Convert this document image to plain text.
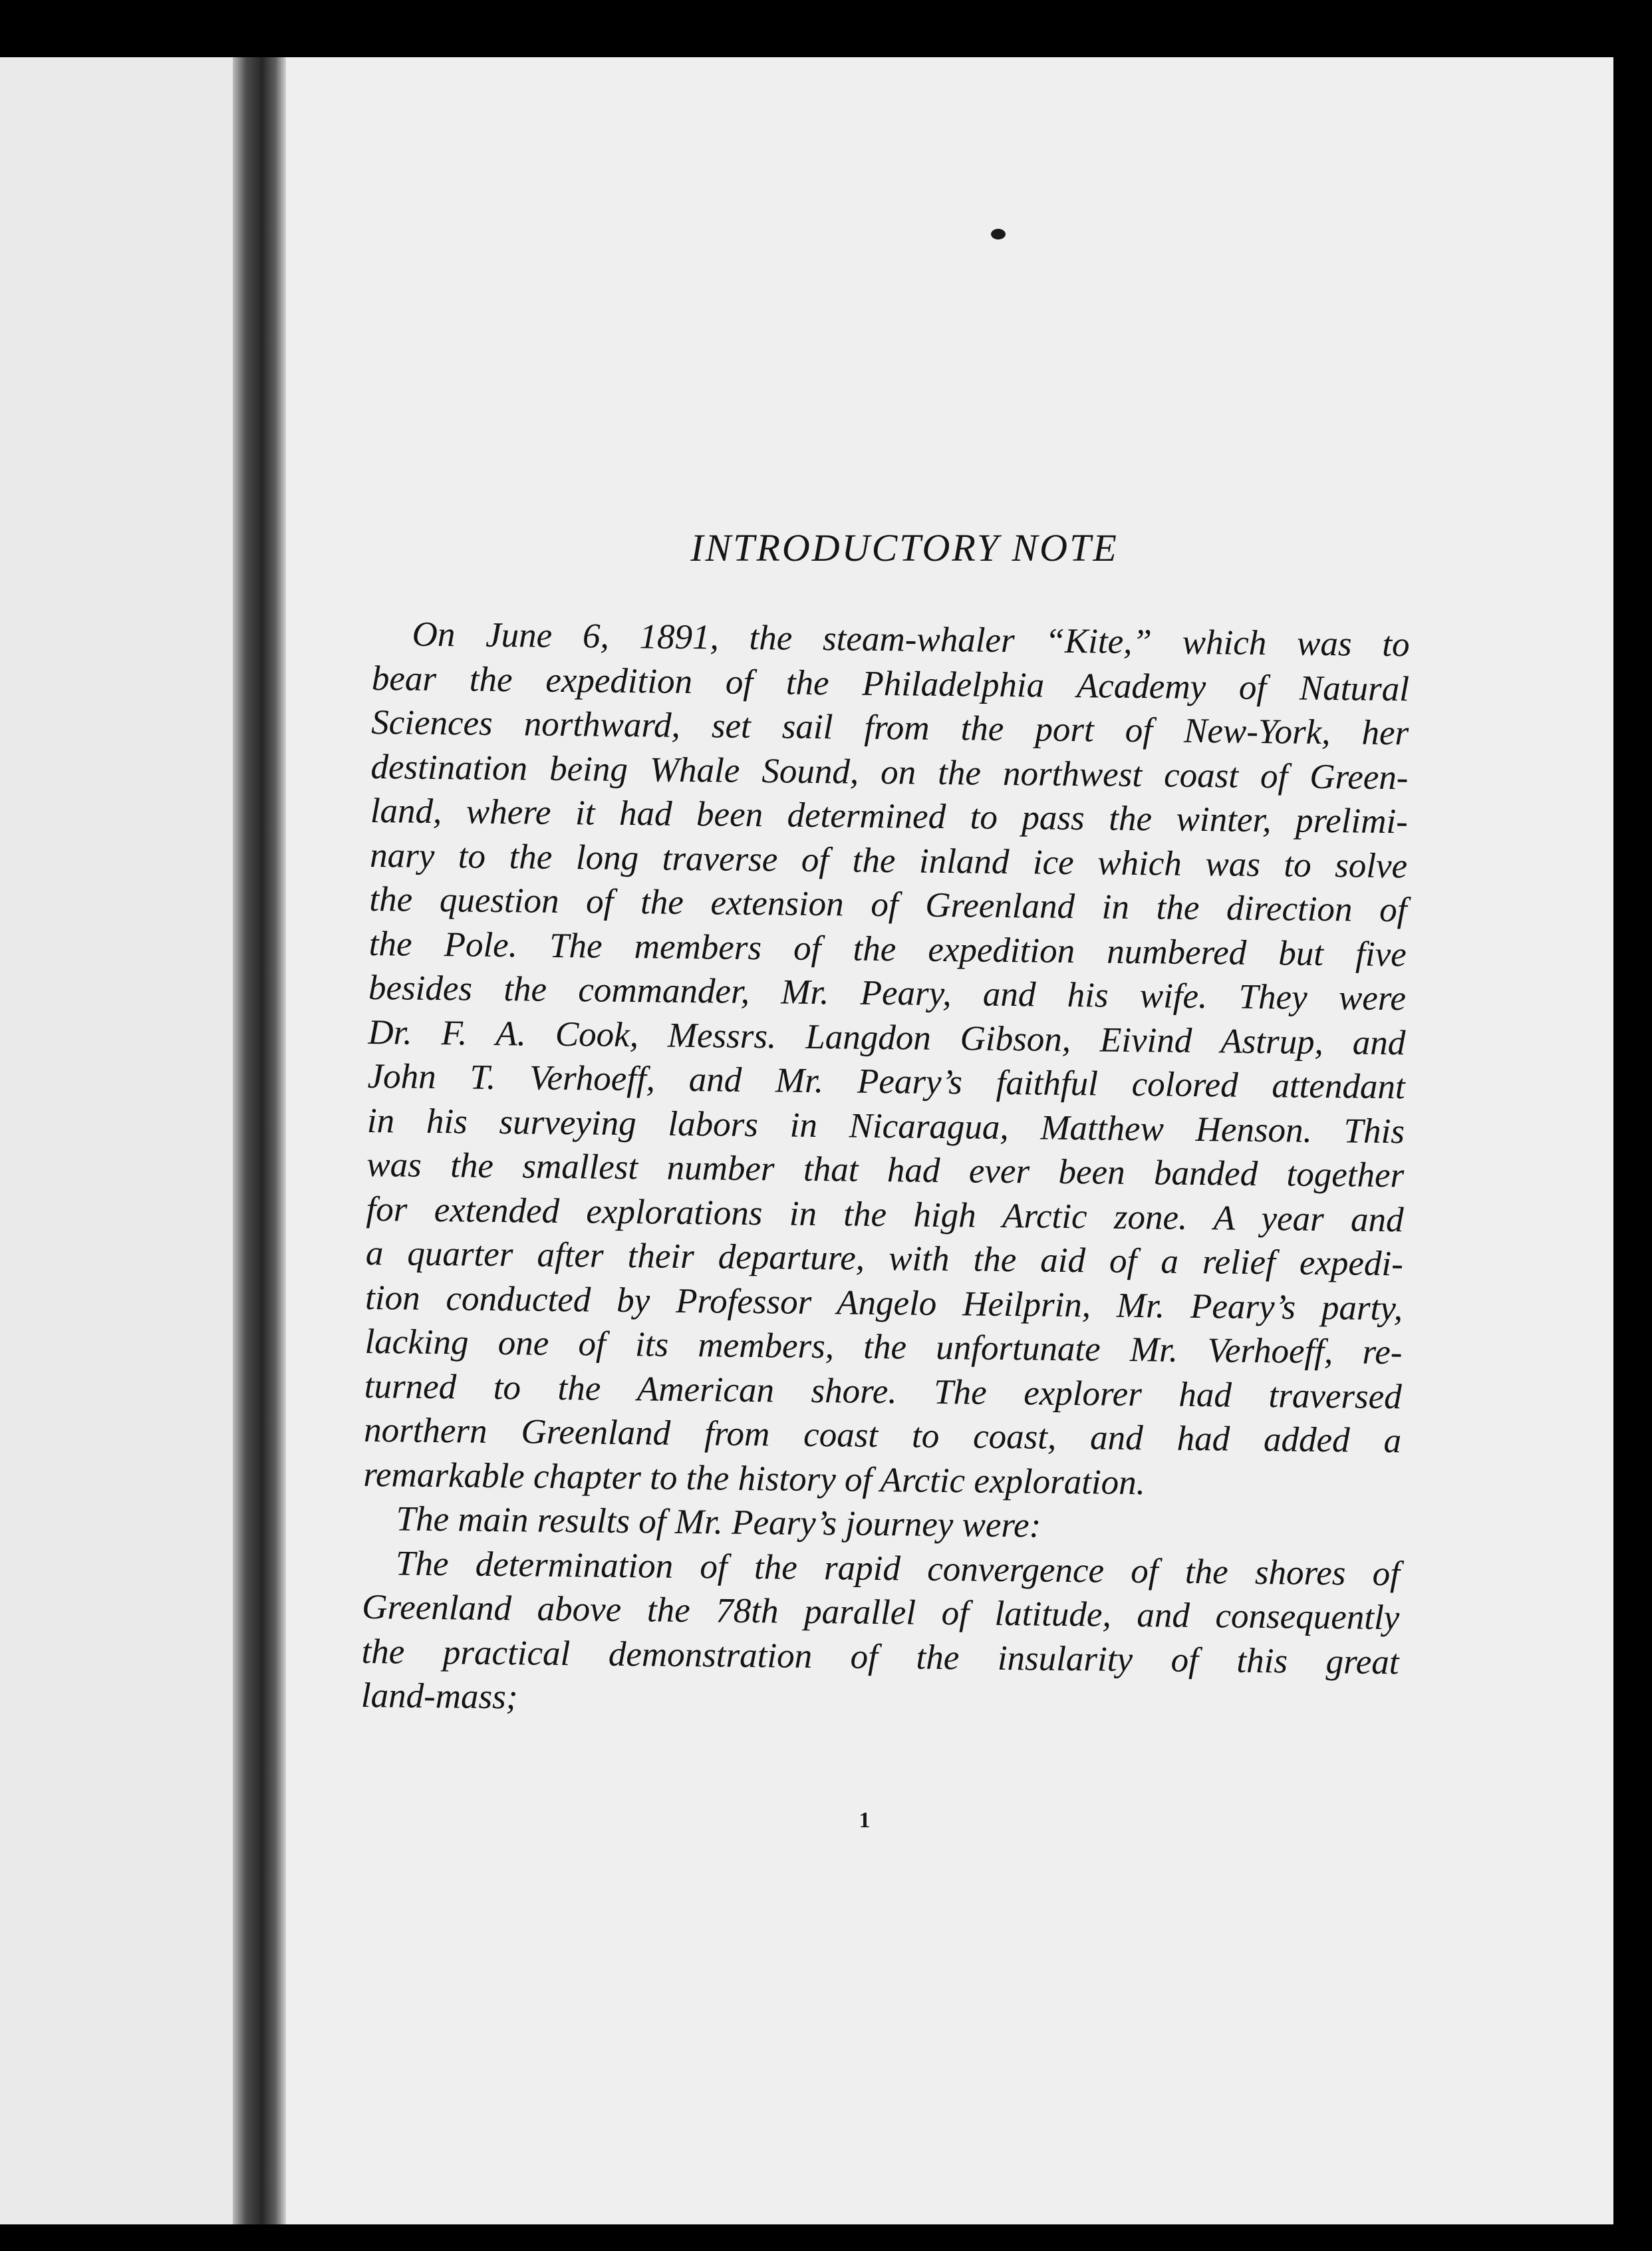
INTRODUCTORY NOTE
On June 6, 1891, the steam-whaler “Kite,” which was to
bear the expedition of the Philadelphia Academy of Natural
Sciences northward, set sail from the port of New-York, her
destination being Whale Sound, on the northwest coast of Green-
land, where it had been determined to pass the winter, prelimi-
nary to the long traverse of the inland ice which was to solve
the question of the extension of Greenland in the direction of
the Pole. The members of the expedition numbered but five
besides the commander, Mr. Peary, and his wife. They were
Dr. F. A. Cook, Messrs. Langdon Gibson, Eivind Astrup, and
John T. Verhoeff, and Mr. Peary’s faithful colored attendant
in his surveying labors in Nicaragua, Matthew Henson. This
was the smallest number that had ever been banded together
for extended explorations in the high Arctic zone. A year and
a quarter after their departure, with the aid of a relief expedi-
tion conducted by Professor Angelo Heilprin, Mr. Peary’s party,
lacking one of its members, the unfortunate Mr. Verhoeff, re-
turned to the American shore. The explorer had traversed
northern Greenland from coast to coast, and had added a
remarkable chapter to the history of Arctic exploration.
The main results of Mr. Peary’s journey were:
The determination of the rapid convergence of the shores of
Greenland above the 78th parallel of latitude, and consequently
the practical demonstration of the insularity of this great
land-mass;
1
